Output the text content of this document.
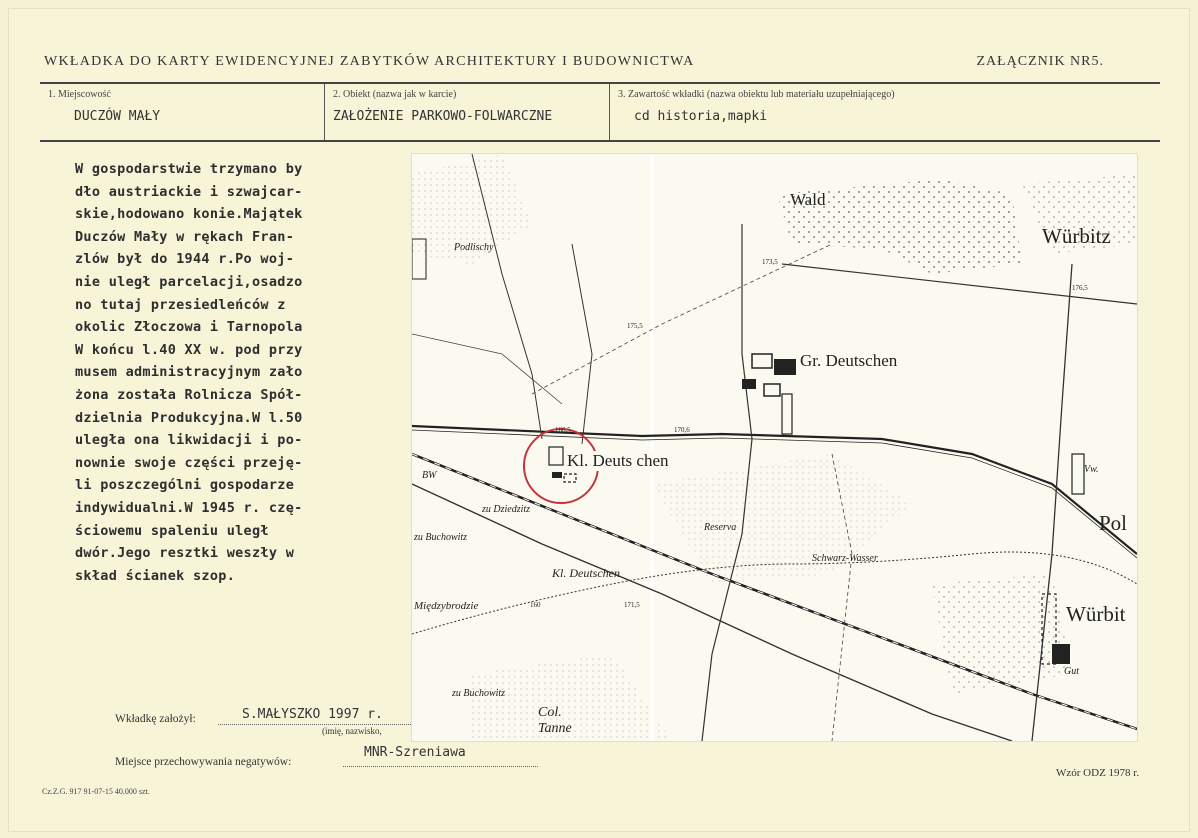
WKŁADKA DO KARTY EWIDENCYJNEJ ZABYTKÓW ARCHITEKTURY I BUDOWNICTWA	ZAŁĄCZNIK NR5.
1. Miejscowość
DUCZÓW MAŁY
2. Obiekt (nazwa jak w karcie)
ZAŁOŻENIE PARKOWO-FOLWARCZNE
3. Zawartość wkładki (nazwa obiektu lub materiału uzupełniającego)
cd historia,mapki
W gospodarstwie trzymano by
dło austriackie i szwajcar-
skie,hodowano konie.Majątek
Duczów Mały w rękach Fran-
zlów był do 1944 r.Po woj-
nie uległ parcelacji,osadzo
no tutaj przesiedleńców z
okolic Złoczowa i Tarnopola
W końcu l.40 XX w. pod przy
musem administracyjnym zało
żona została Rolnicza Spół-
dzielnia Produkcyjna.W l.50
uległa ona likwidacji i po-
nownie swoje części przeję-
li poszczególni gospodarze
indywidualni.W 1945 r. czę-
ściowemu spaleniu uległ
dwór.Jego resztki weszły w
skład ścianek szop.
Wald
Würbitz
Gr. Deutschen
Kl. Deuts chen
Pol
Würbit
Kl. Deutschen
Col. Tanne
Vw.
Gut
BW
Reserva
Schwarz-Wasser
zu Buchowitz
zu Buchowitz
Międzybrodzie
zu Dziedzitz
Podlischy
173,5
176,5
166,5
175,5
170,6
160	171,5
Wkładkę założył:	S.MAŁYSZKO 1997 r.
(imię, nazwisko,
Miejsce przechowywania negatywów:
MNR-Szreniawa
Cz.Z.G. 917 91-07-15 40.000 szt.
Wzór ODZ 1978 r.
